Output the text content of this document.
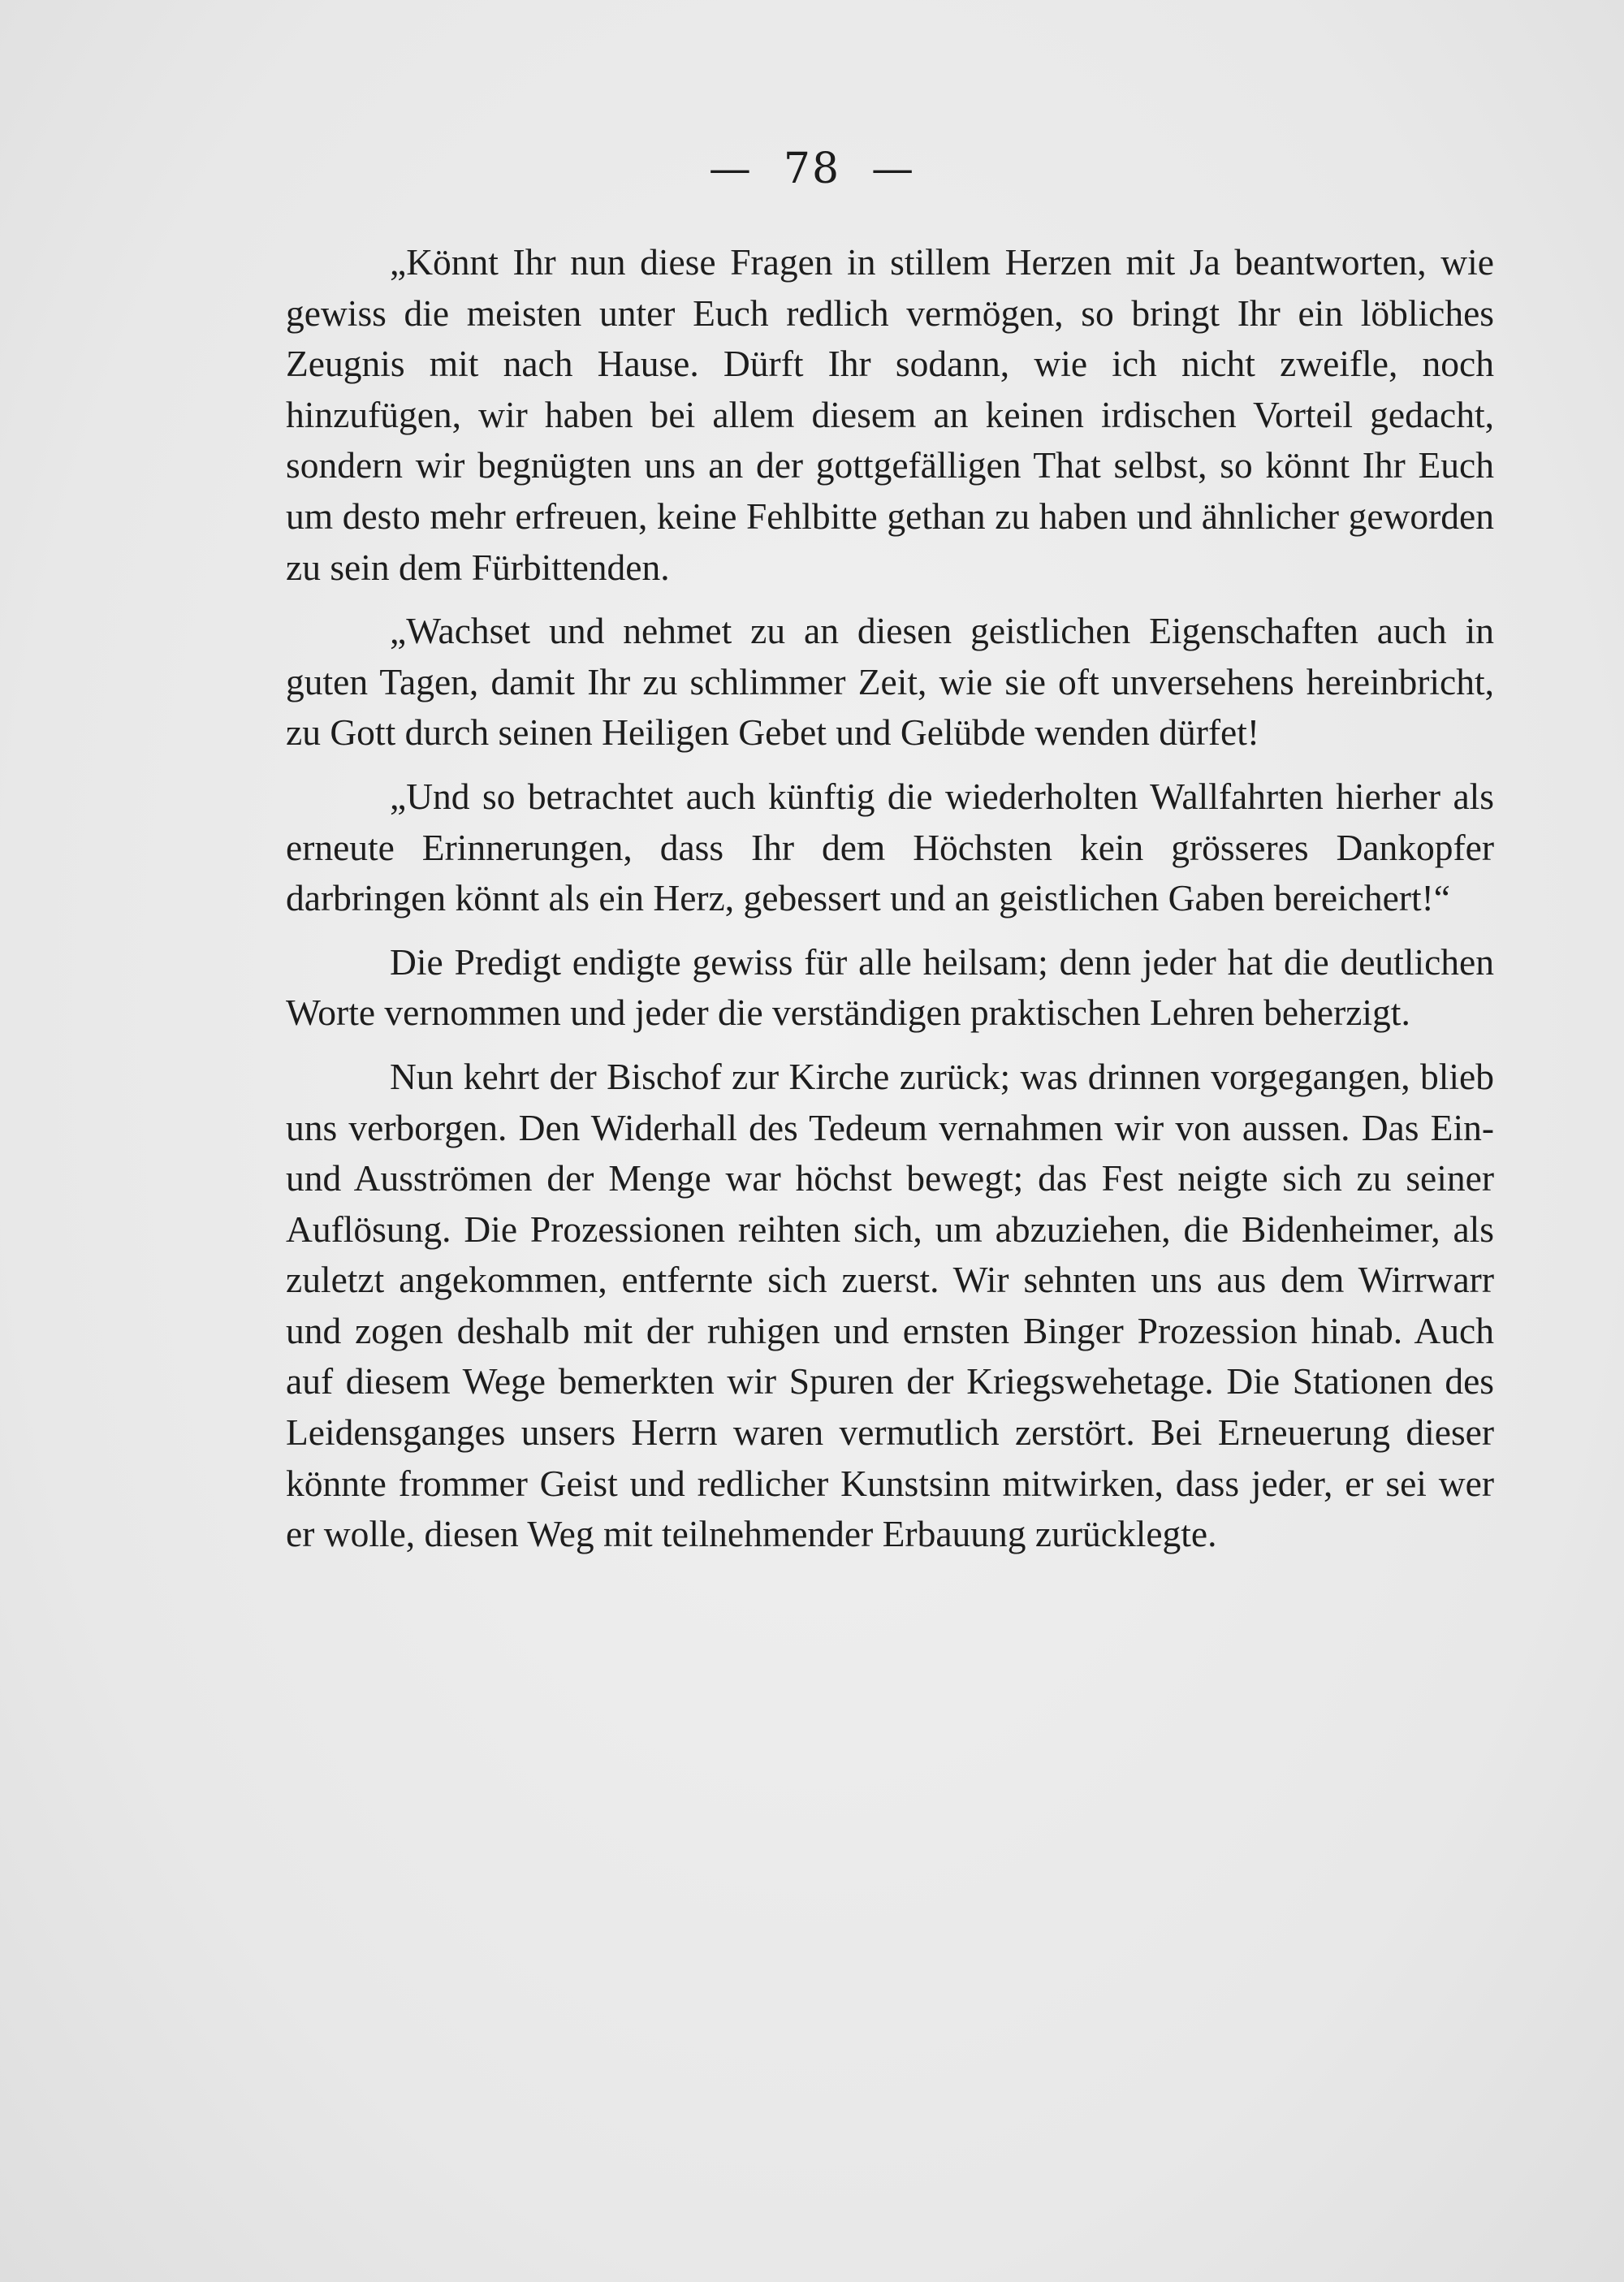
— 78 —

„Könnt Ihr nun diese Fragen in stillem Herzen mit Ja beantworten, wie gewiss die meisten unter Euch redlich vermögen, so bringt Ihr ein löbliches Zeugnis mit nach Hause. Dürft Ihr sodann, wie ich nicht zweifle, noch hinzufügen, wir haben bei allem diesem an keinen irdischen Vorteil gedacht, sondern wir begnügten uns an der gottgefälligen That selbst, so könnt Ihr Euch um desto mehr erfreuen, keine Fehlbitte gethan zu haben und ähnlicher geworden zu sein dem Fürbittenden.

„Wachset und nehmet zu an diesen geistlichen Eigenschaften auch in guten Tagen, damit Ihr zu schlimmer Zeit, wie sie oft unversehens hereinbricht, zu Gott durch seinen Heiligen Gebet und Gelübde wenden dürfet!

„Und so betrachtet auch künftig die wiederholten Wallfahrten hierher als erneute Erinnerungen, dass Ihr dem Höchsten kein grösseres Dankopfer darbringen könnt als ein Herz, gebessert und an geistlichen Gaben bereichert!“

Die Predigt endigte gewiss für alle heilsam; denn jeder hat die deutlichen Worte vernommen und jeder die verständigen praktischen Lehren beherzigt.

Nun kehrt der Bischof zur Kirche zurück; was drinnen vorgegangen, blieb uns verborgen. Den Widerhall des Tedeum vernahmen wir von aussen. Das Ein- und Ausströmen der Menge war höchst bewegt; das Fest neigte sich zu seiner Auflösung. Die Prozessionen reihten sich, um abzuziehen, die Bidenheimer, als zuletzt angekommen, entfernte sich zuerst. Wir sehnten uns aus dem Wirrwarr und zogen deshalb mit der ruhigen und ernsten Binger Prozession hinab. Auch auf diesem Wege bemerkten wir Spuren der Kriegswehetage. Die Stationen des Leidensganges unsers Herrn waren vermutlich zerstört. Bei Erneuerung dieser könnte frommer Geist und redlicher Kunstsinn mitwirken, dass jeder, er sei wer er wolle, diesen Weg mit teilnehmender Erbauung zurücklegte.
